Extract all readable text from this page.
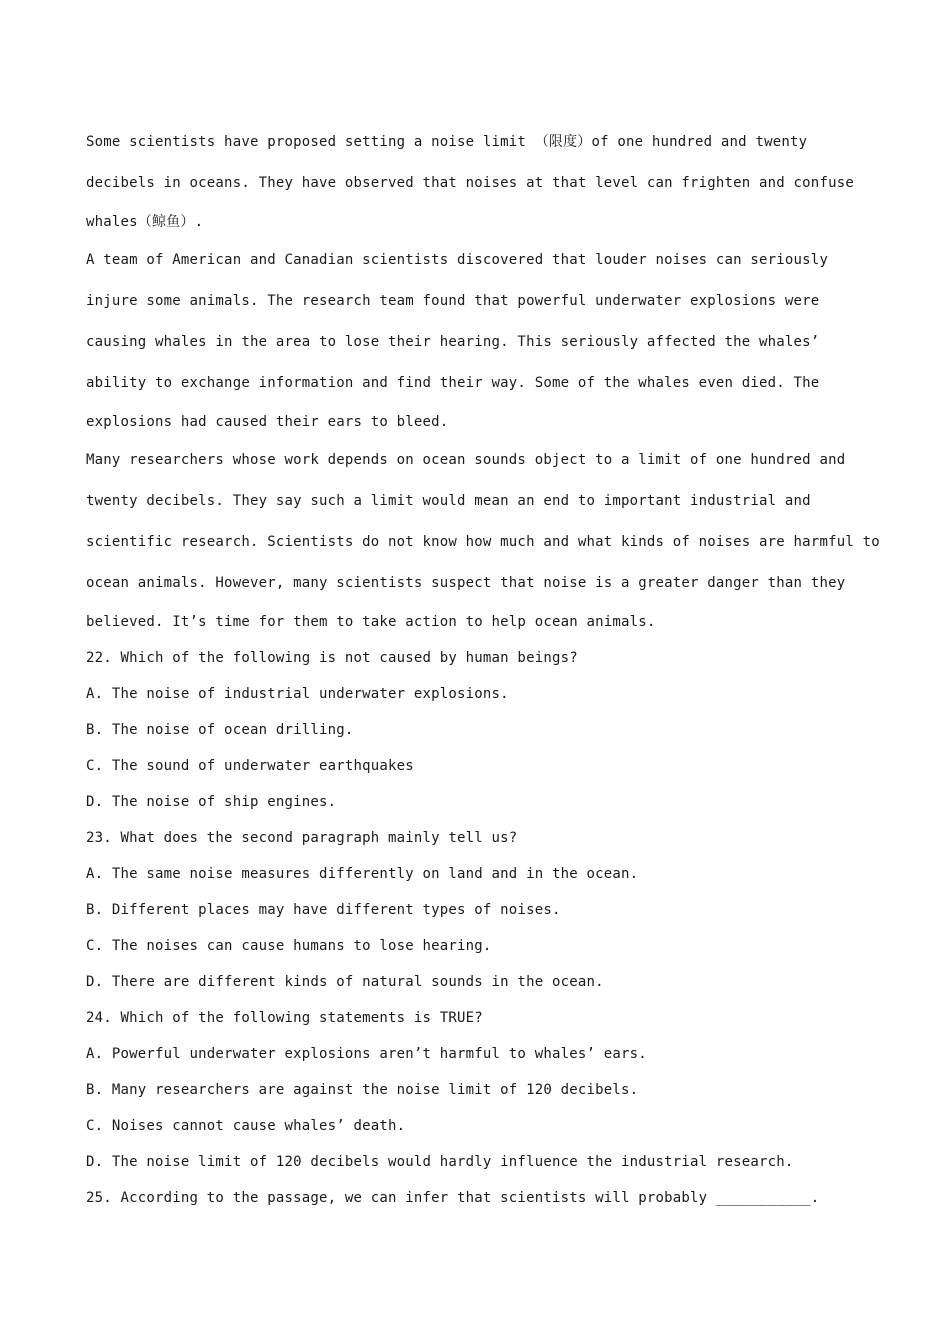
Some scientists have proposed setting a noise limit （限度）of one hundred and twenty
decibels in oceans. They have observed that noises at that level can frighten and confuse
whales（鲸鱼）.
A team of American and Canadian scientists discovered that louder noises can seriously
injure some animals. The research team found that powerful underwater explosions were
causing whales in the area to lose their hearing. This seriously affected the whales’
ability to exchange information and find their way. Some of the whales even died. The
explosions had caused their ears to bleed.
Many researchers whose work depends on ocean sounds object to a limit of one hundred and
twenty decibels. They say such a limit would mean an end to important industrial and
scientific research. Scientists do not know how much and what kinds of noises are harmful to
ocean animals. However, many scientists suspect that noise is a greater danger than they
believed. It’s time for them to take action to help ocean animals.

22. Which of the following is not caused by human beings?

A. The noise of industrial underwater explosions.

B. The noise of ocean drilling.

C. The sound of underwater earthquakes

D. The noise of ship engines.

23. What does the second paragraph mainly tell us?

A. The same noise measures differently on land and in the ocean.

B. Different places may have different types of noises.

C. The noises can cause humans to lose hearing.

D. There are different kinds of natural sounds in the ocean.

24. Which of the following statements is TRUE?

A. Powerful underwater explosions aren’t harmful to whales’ ears.

B. Many researchers are against the noise limit of 120 decibels.

C. Noises cannot cause whales’ death.

D. The noise limit of 120 decibels would hardly influence the industrial research.

25. According to the passage, we can infer that scientists will probably ___________.
